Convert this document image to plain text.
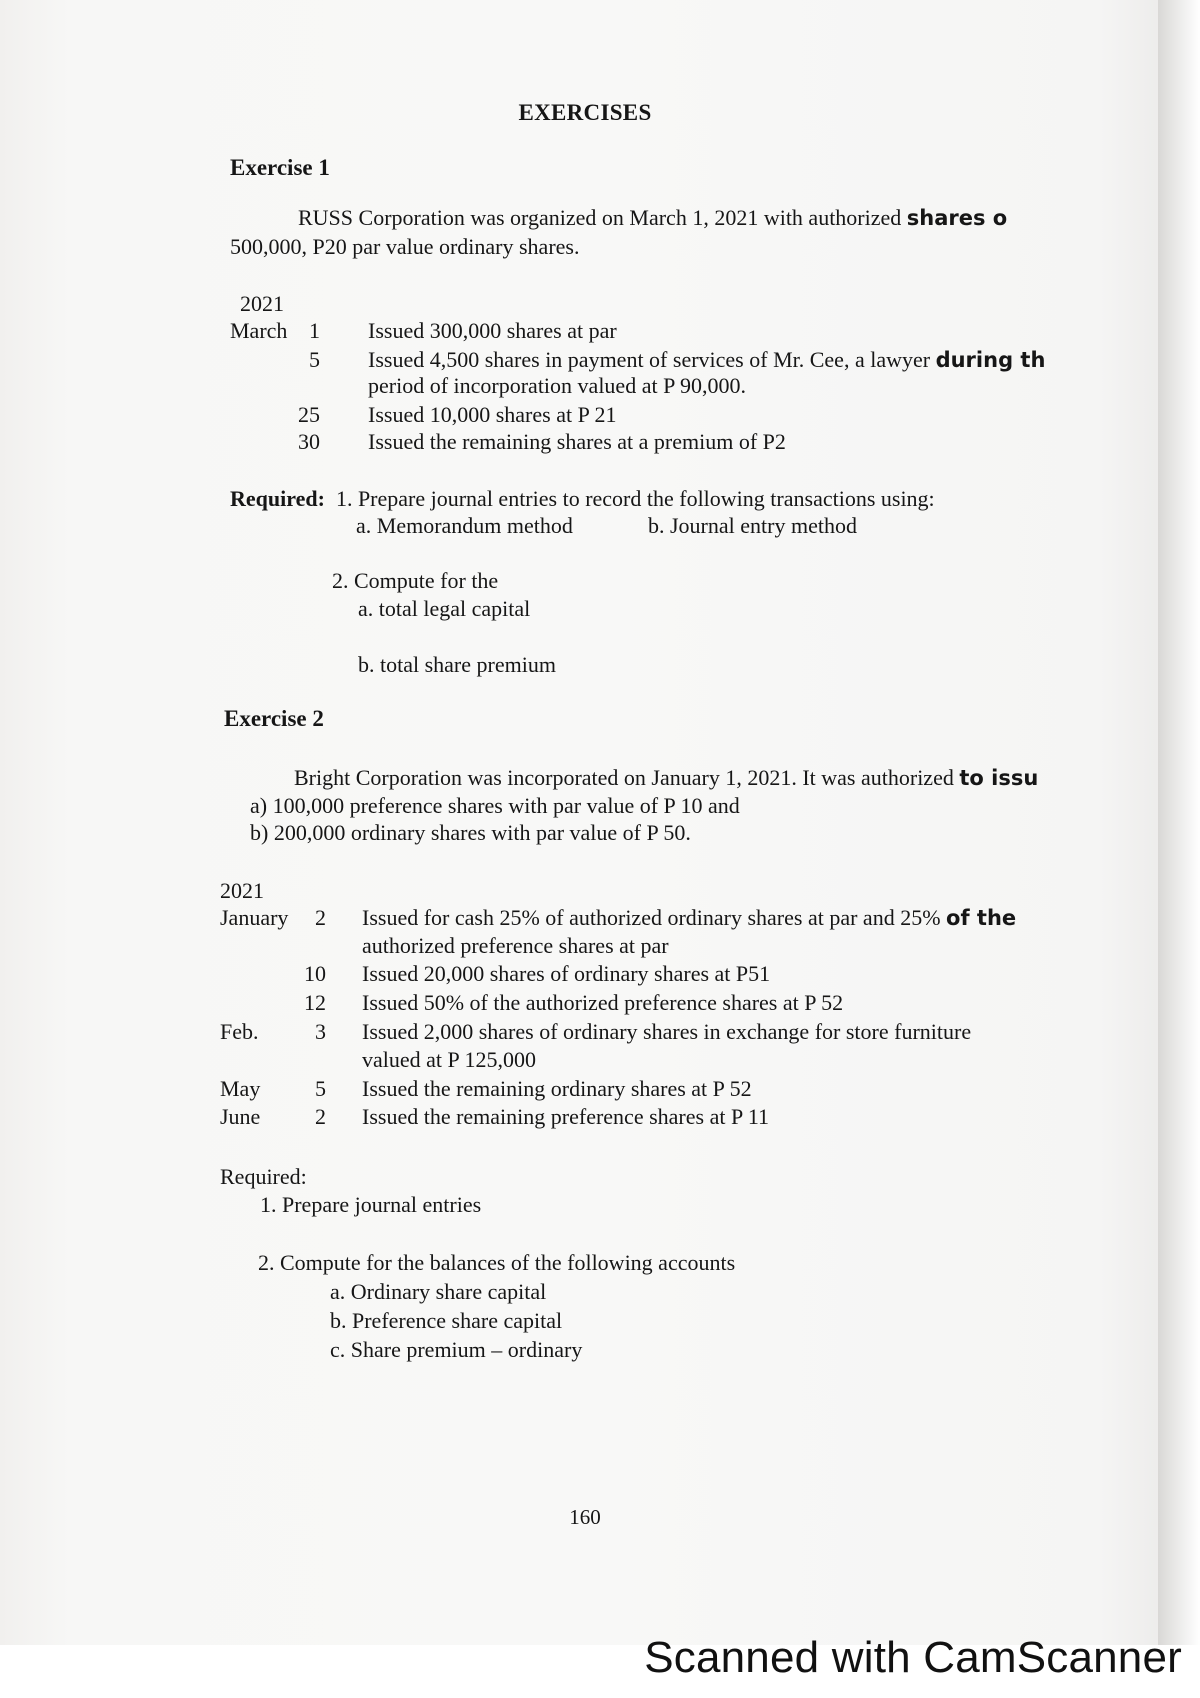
EXERCISES
Exercise 1
RUSS Corporation was organized on March 1, 2021 with authorized shares o
500,000, P20 par value ordinary shares.
2021
March 1 Issued 300,000 shares at par
5 Issued 4,500 shares in payment of services of Mr. Cee, a lawyer during th
period of incorporation valued at P 90,000.
25 Issued 10,000 shares at P 21
30 Issued the remaining shares at a premium of P2
Required: 1. Prepare journal entries to record the following transactions using:
a. Memorandum method	b. Journal entry method
2. Compute for the
a. total legal capital
b. total share premium
Exercise 2
Bright Corporation was incorporated on January 1, 2021. It was authorized to issu
a) 100,000 preference shares with par value of P 10 and
b) 200,000 ordinary shares with par value of P 50.
2021
January	2 Issued for cash 25% of authorized ordinary shares at par and 25% of the
authorized preference shares at par
10 Issued 20,000 shares of ordinary shares at P51
12 Issued 50% of the authorized preference shares at P 52
Feb.	3 Issued 2,000 shares of ordinary shares in exchange for store furniture
valued at P 125,000
May	5 Issued the remaining ordinary shares at P 52
June	2 Issued the remaining preference shares at P 11
Required:
1. Prepare journal entries
2. Compute for the balances of the following accounts
a. Ordinary share capital
b. Preference share capital
c. Share premium – ordinary
160
Scanned with CamScanner
